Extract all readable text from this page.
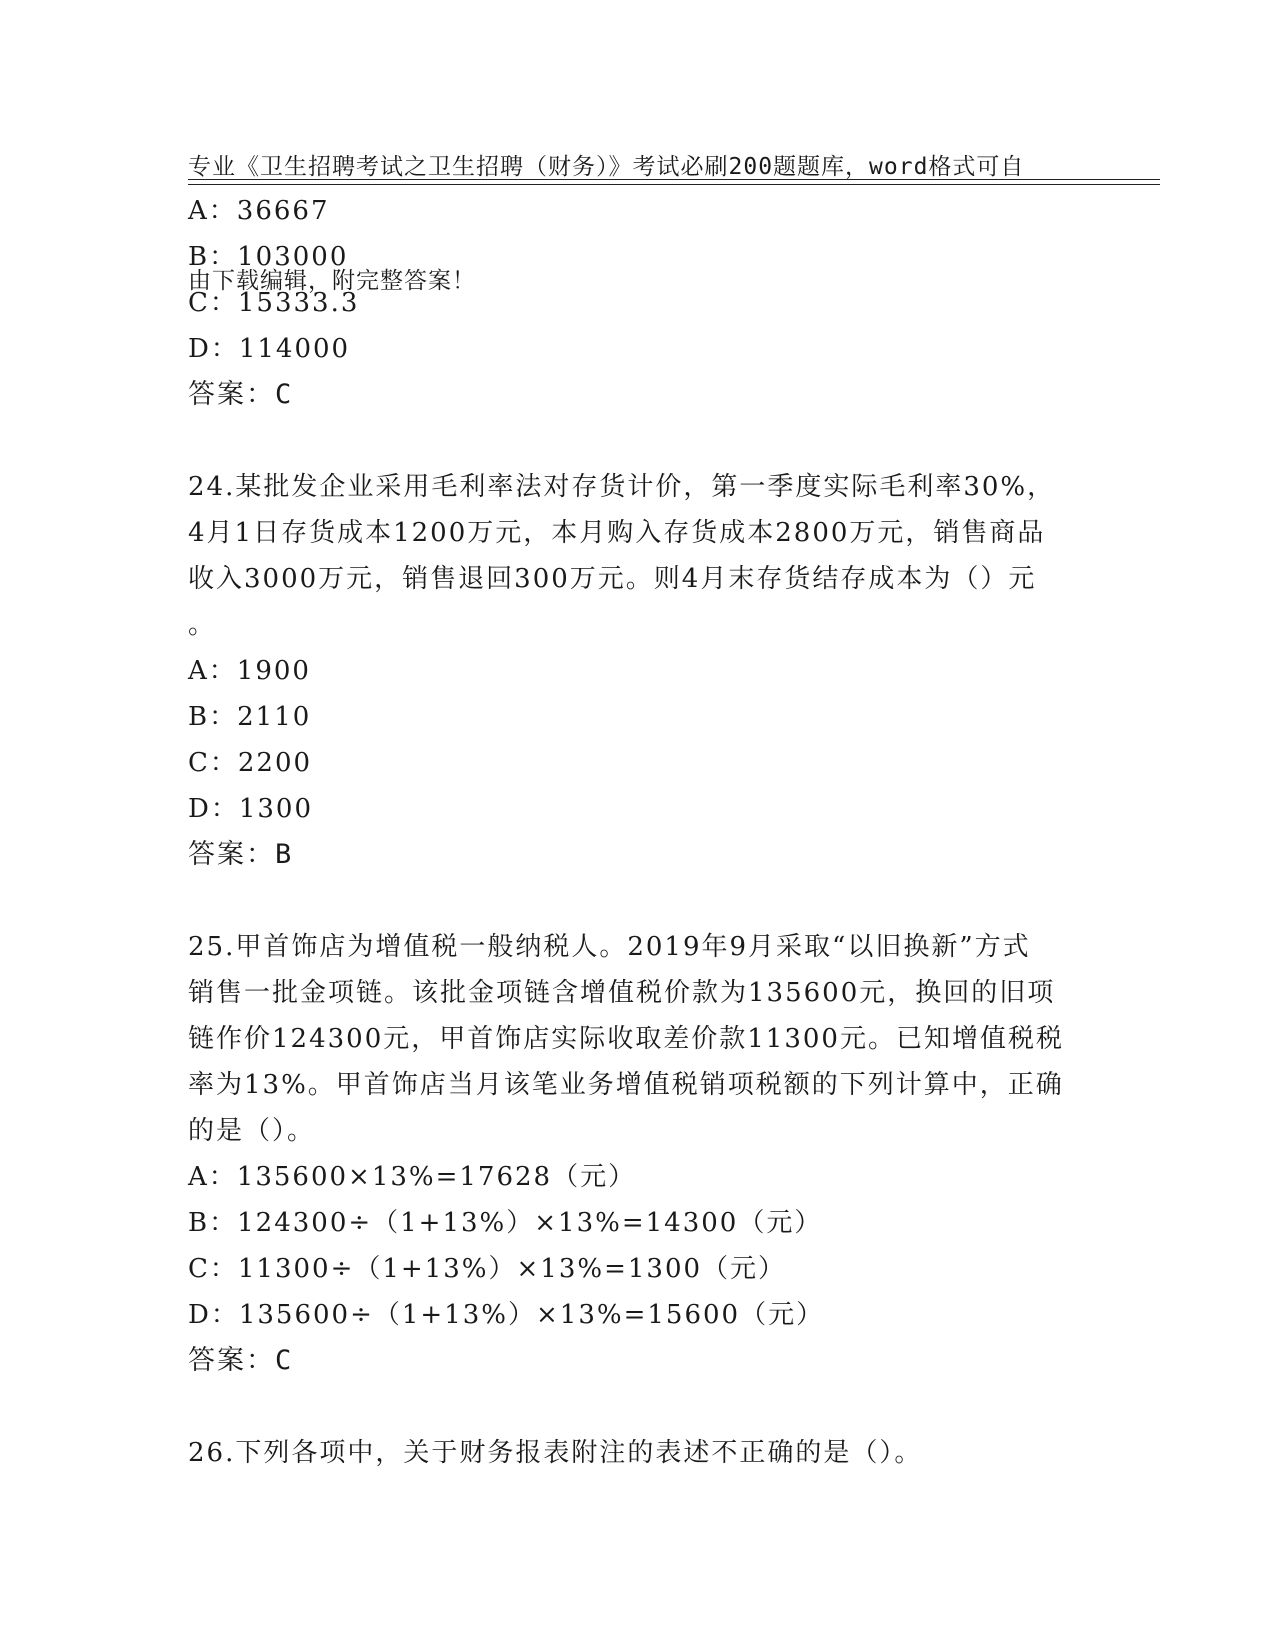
专业《卫生招聘考试之卫生招聘（财务）》考试必刷200题题库，word格式可自

由下载编辑，附完整答案！

A：36667
B：103000
C：15333.3
D：114000
答案：C
24.某批发企业采用毛利率法对存货计价，第一季度实际毛利率30%，
4月1日存货成本1200万元，本月购入存货成本2800万元，销售商品
收入3000万元，销售退回300万元。则4月末存货结存成本为（）元
。
A：1900
B：2110
C：2200
D：1300
答案：B
25.甲首饰店为增值税一般纳税人。2019年9月采取“以旧换新”方式
销售一批金项链。该批金项链含增值税价款为135600元，换回的旧项
链作价124300元，甲首饰店实际收取差价款11300元。已知增值税税
率为13%。甲首饰店当月该笔业务增值税销项税额的下列计算中，正确
的是（）。
A：135600×13%=17628（元）
B：124300÷（1+13%）×13%=14300（元）
C：11300÷（1+13%）×13%=1300（元）
D：135600÷（1+13%）×13%=15600（元）
答案：C
26.下列各项中，关于财务报表附注的表述不正确的是（）。
